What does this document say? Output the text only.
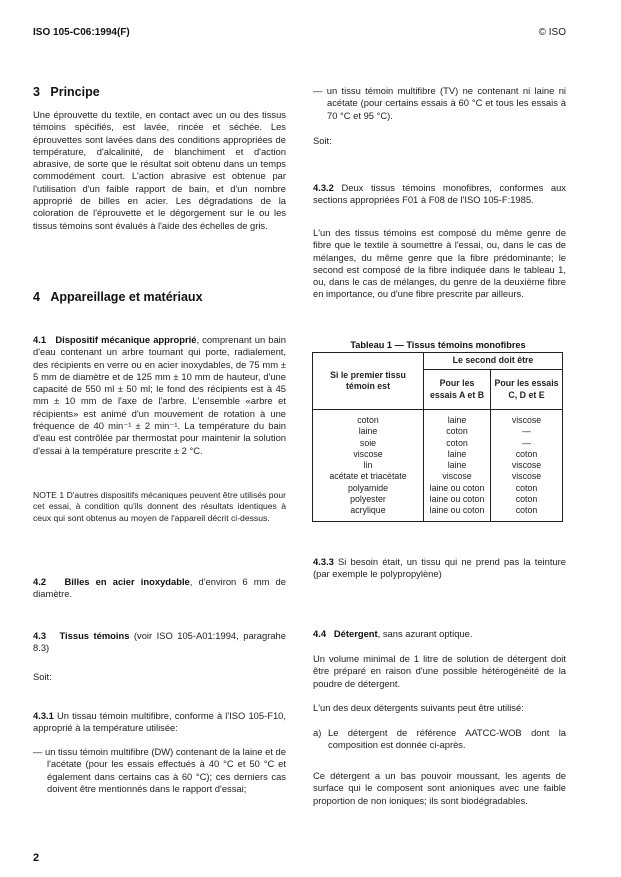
ISO 105-C06:1994(F)	© ISO
3 Principe
Une éprouvette du textile, en contact avec un ou des tissus témoins spécifiés, est lavée, rincée et séchée. Les éprouvettes sont lavées dans des conditions appropriées de température, d'alcalinité, de blanchiment et d'action abrasive, de sorte que le résultat soit obtenu dans un temps commodément court. L'action abrasive est obtenue par l'utilisation d'un faible rapport de bain, et d'un nombre approprié de billes en acier. Les dégradations de la coloration de l'éprouvette et le dégorgement sur le ou les tissus témoins sont évalués à l'aide des échelles de gris.
4 Appareillage et matériaux
4.1 Dispositif mécanique approprié, comprenant un bain d'eau contenant un arbre tournant qui porte, radialement, des récipients en verre ou en acier inoxydables, de 75 mm ± 5 mm de diamètre et de 125 mm ± 10 mm de hauteur, d'une capacité de 550 ml ± 50 ml; le fond des récipients est à 45 mm ± 10 mm de l'axe de l'arbre. L'ensemble «arbre et récipients» est animé d'un mouvement de rotation à une fréquence de 40 min⁻¹ ± 2 min⁻¹. La température du bain d'eau est contrôlée par thermostat pour maintenir la solution d'essai à la température prescrite ± 2 °C.
NOTE 1 D'autres dispositifs mécaniques peuvent être utilisés pour cet essai, à condition qu'ils donnent des résultats identiques à ceux qui sont obtenus au moyen de l'appareil décrit ci-dessus.
4.2 Billes en acier inoxydable, d'environ 6 mm de diamètre.
4.3 Tissus témoins (voir ISO 105-A01:1994, paragrahe 8.3)
Soit:
4.3.1 Un tissau témoin multifibre, conforme à l'ISO 105-F10, approprié à la température utilisée:
— un tissu témoin multifibre (DW) contenant de la laine et de l'acétate (pour les essais effectués à 40 °C et 50 °C et également dans certains cas à 60 °C); ces derniers cas doivent être mentionnés dans le rapport d'essai;
2
— un tissu témoin multifibre (TV) ne contenant ni laine ni acétate (pour certains essais à 60 °C et tous les essais à 70 °C et 95 °C).
Soit:
4.3.2 Deux tissus témoins monofibres, conformes aux sections appropriées F01 à F08 de l'ISO 105-F:1985.
L'un des tissus témoins est composé du même genre de fibre que le textile à soumettre à l'essai, ou, dans le cas de mélanges, du même genre que la fibre prédominante; le second est composé de la fibre indiquée dans le tableau 1, ou, dans le cas de mélanges, du genre de la deuxième fibre en importance, ou d'une fibre prescrite par ailleurs.
Tableau 1 — Tissus témoins monofibres
Si le premier tissu témoin est	Le second doit être	
	Pour les essais A et B	Pour les essais C, D et E
coton	laine	viscose
laine	coton	—
soie	coton	—
viscose	laine	coton
lin	laine	viscose
acétate et triacétate	viscose	viscose
polyamide	laine ou coton	coton
polyester	laine ou coton	coton
acrylique	laine ou coton	coton
4.3.3 Si besoin était, un tissu qui ne prend pas la teinture (par exemple le polypropylène)
4.4 Détergent, sans azurant optique.
Un volume minimal de 1 litre de solution de détergent doit être préparé en raison d'une possible hétérogénéité de la poudre de détergent.
L'un des deux détergents suivants peut être utilisé:
a) Le détergent de référence AATCC-WOB dont la composition est donnée ci-après.
Ce détergent a un bas pouvoir moussant, les agents de surface qui le composent sont anioniques avec une faible proportion de non ioniques; ils sont biodégradables.
